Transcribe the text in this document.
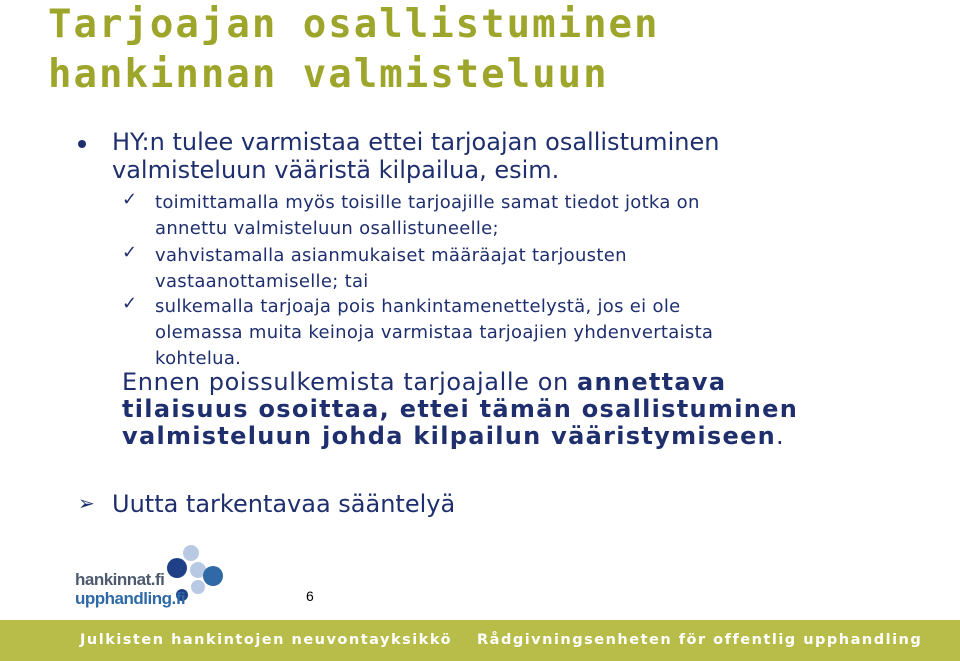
Tarjoajan osallistuminen
hankinnan valmisteluun
HY:n tulee varmistaa ettei tarjoajan osallistuminen
valmisteluun vääristä kilpailua, esim.
✓ toimittamalla myös toisille tarjoajille samat tiedot jotka on
annettu valmisteluun osallistuneelle;
✓ vahvistamalla asianmukaiset määräajat tarjousten
vastaanottamiselle; tai
✓ sulkemalla tarjoaja pois hankintamenettelystä, jos ei ole
olemassa muita keinoja varmistaa tarjoajien yhdenvertaista
kohtelua.
Ennen poissulkemista tarjoajalle on annettava
tilaisuus osoittaa, ettei tämän osallistuminen
valmisteluun johda kilpailun vääristymiseen.
➢ Uutta tarkentavaa sääntelyä
hankinnat.fi
upphandling.fi	6
Julkisten hankintojen neuvontayksikkö Rådgivningsenheten för offentlig upphandling
